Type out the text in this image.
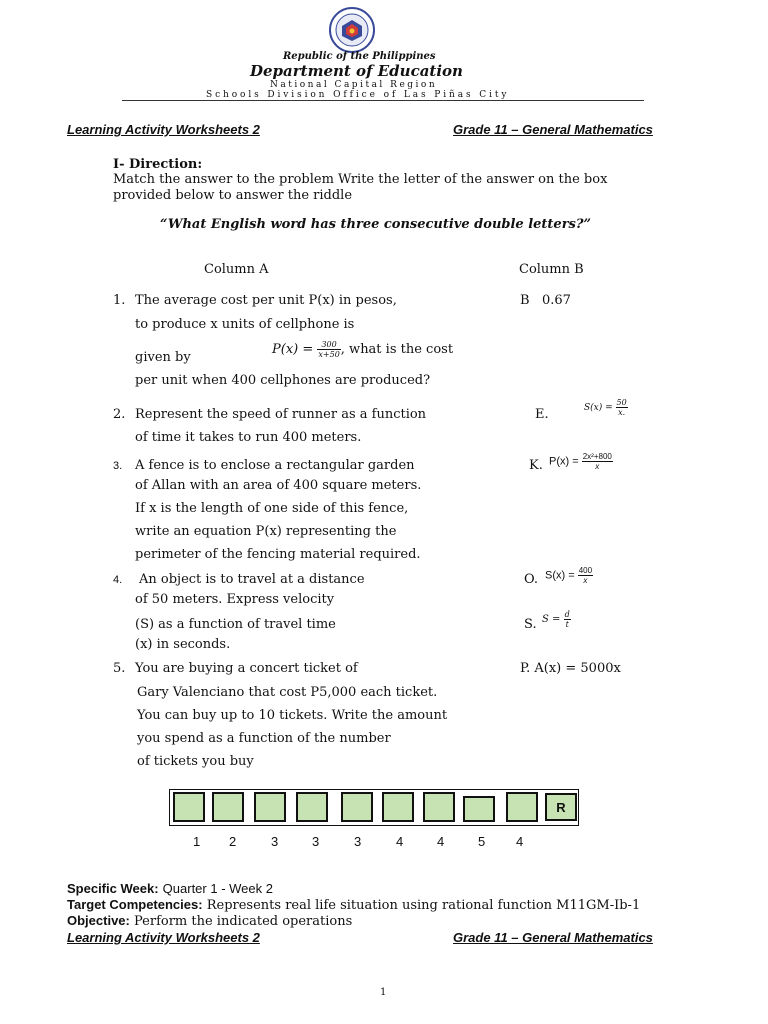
Republic of the Philippines
Department of Education
National Capital Region
Schools Division Office of Las Piñas City
Learning Activity Worksheets 2	Grade 11 – General Mathematics
I- Direction:
Match the answer to the problem Write the letter of the answer on the box
provided below to answer the riddle
“What English word has three consecutive double letters?”
Column A	Column B
1. The average cost per unit P(x) in pesos,
to produce x units of cellphone is
given by
$P(x) = \frac{300}{x+50}$ , what is the cost
per unit when 400 cellphones are produced?
B 0.67
2. Represent the speed of runner as a function
of time it takes to run 400 meters.
E.	$S(x) = \frac{50}{x.}$
3. A fence is to enclose a rectangular garden
of Allan with an area of 400 square meters.
If x is the length of one side of this fence,
write an equation P(x) representing the
perimeter of the fencing material required.
K. $P(x) = \frac{\text{2x²+800}}{x}$
4. An object is to travel at a distance
of 50 meters. Express velocity
(S) as a function of travel time
(x) in seconds.
O. $S(x) = \frac{400}{x}$
S. $S = \frac{d}{t}$
5. You are buying a concert ticket of
Gary Valenciano that cost P5,000 each ticket.
You can buy up to 10 tickets. Write the amount
you spend as a function of the number
of tickets you buy
P. A(x) = 5000x
R
1 2	3	3	3	4	4	5 4
Specific Week: Quarter 1 - Week 2
Target Competencies: Represents real life situation using rational function M11GM-Ib-1
Objective: Perform the indicated operations
Learning Activity Worksheets 2	Grade 11 – General Mathematics
1
